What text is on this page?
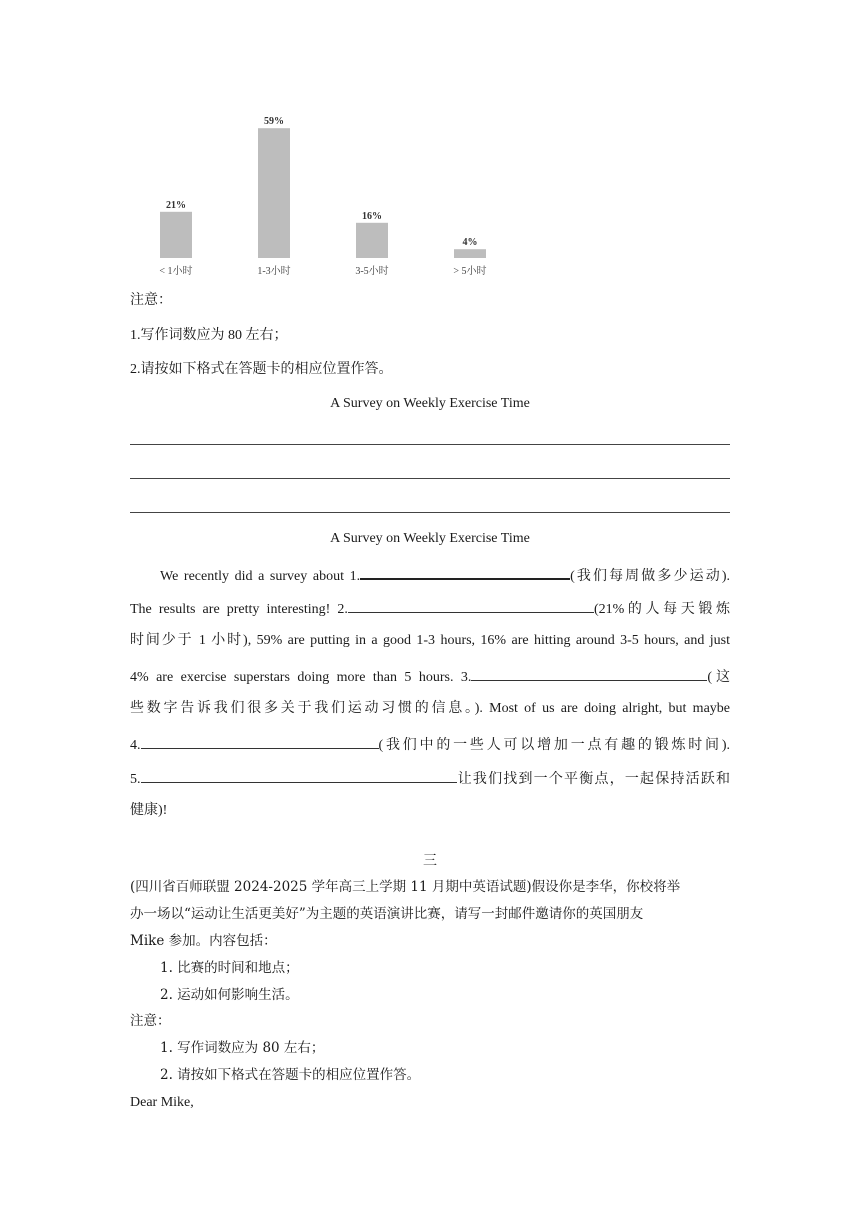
21%
< 1小时
59%
1-3小时
16%
3-5小时
4%
> 5小时
注意：
1.写作词数应为 80 左右；
2.请按如下格式在答题卡的相应位置作答。
A Survey on Weekly Exercise Time
A Survey on Weekly Exercise Time
We recently did a survey about 1.	(我们每周做多少运动).
The results are pretty interesting! 2.	(21%的人每天锻炼
时间少于 1 小时), 59% are putting in a good 1-3 hours, 16% are hitting around 3-5 hours, and just
4% are exercise superstars doing more than 5 hours. 3.	(这
些数字告诉我们很多关于我们运动习惯的信息。). Most of us are doing alright, but maybe
4.	(我们中的一些人可以增加一点有趣的锻炼时间).
5.	让我们找到一个平衡点，一起保持活跃和
健康)!
三
(四川省百师联盟 2024-2025 学年高三上学期 11 月期中英语试题)假设你是李华，你校将举
办一场以“运动让生活更美好”为主题的英语演讲比赛，请写一封邮件邀请你的英国朋友
Mike 参加。内容包括：
1. 比赛的时间和地点；
2. 运动如何影响生活。
注意：
1. 写作词数应为 80 左右；
2. 请按如下格式在答题卡的相应位置作答。
Dear Mike,
